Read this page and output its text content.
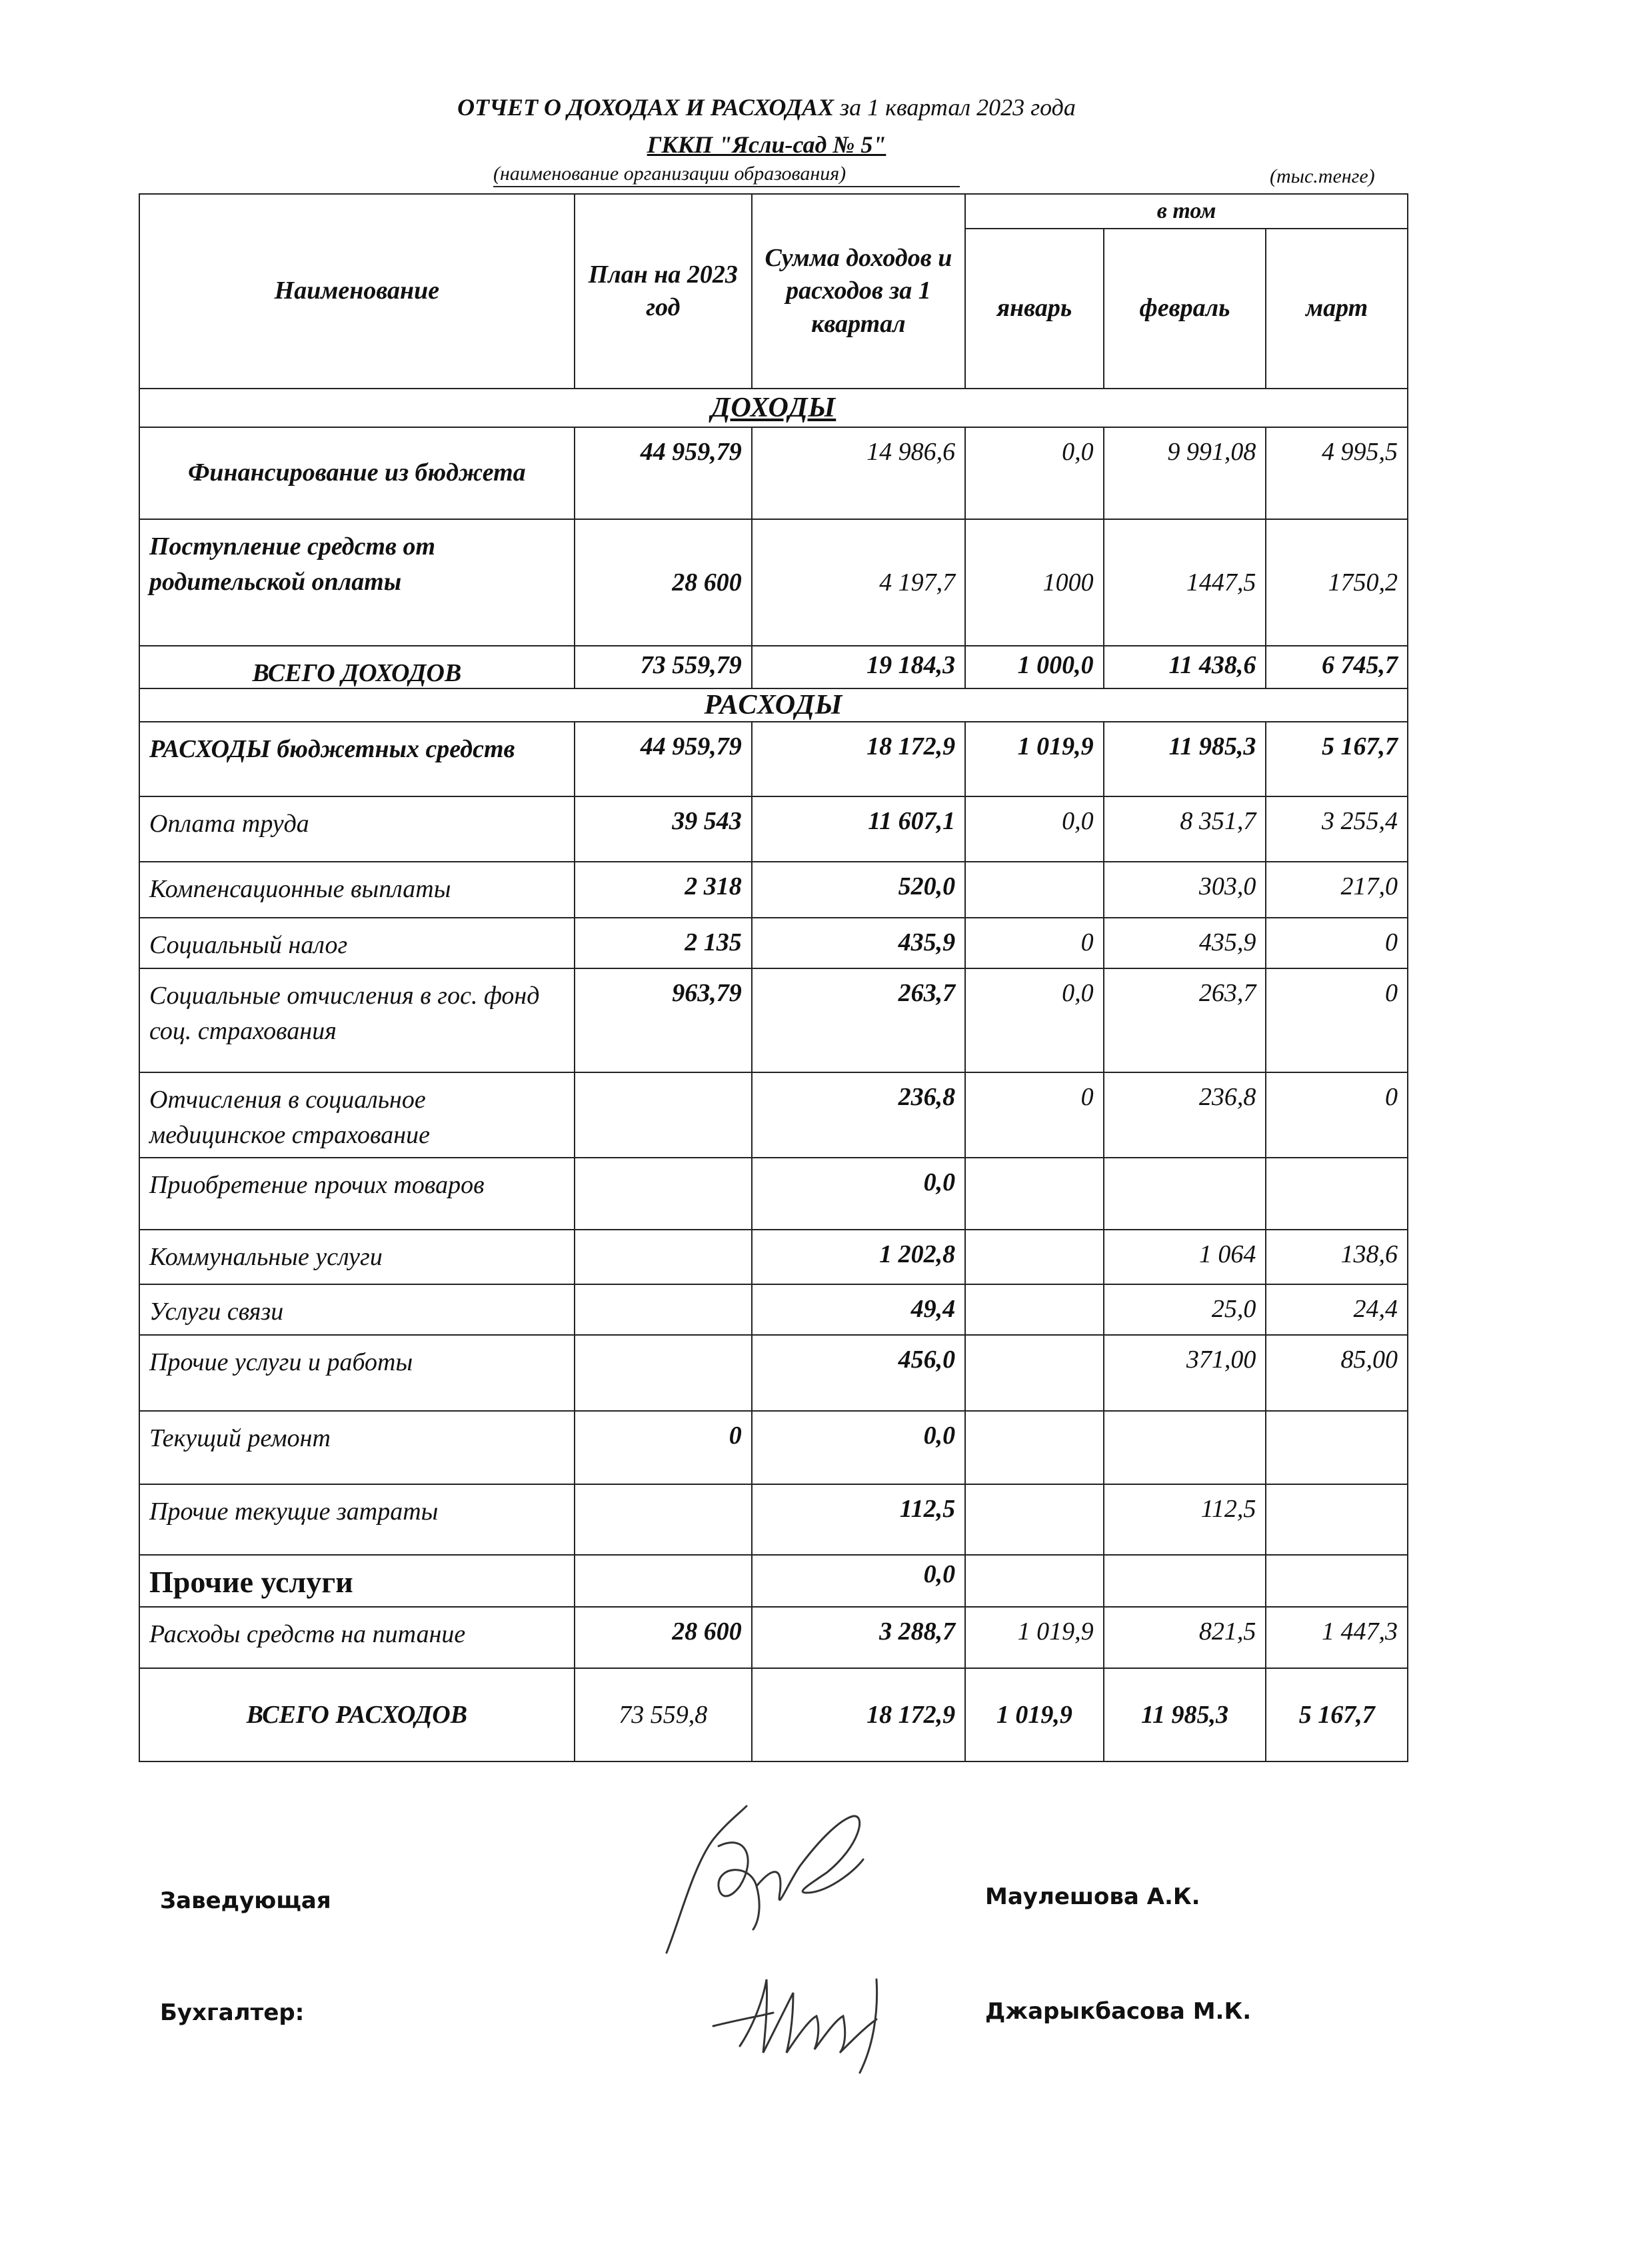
ОТЧЕТ О ДОХОДАХ И РАСХОДАХ за 1 квартал 2023 года
ГККП "Ясли-сад № 5"
(наименование организации образования)	(тыс.тенге)
Наименование	План на 2023 год	Сумма доходов и расходов за 1 квартал	в том		
			январь	февраль	март
ДОХОДЫ					
Финансирование из бюджета	44 959,79	14 986,6	0,0	9 991,08	4 995,5
Поступление средств от родительской оплаты	28 600	4 197,7	1000	1447,5	1750,2
ВСЕГО ДОХОДОВ	73 559,79	19 184,3	1 000,0	11 438,6	6 745,7
РАСХОДЫ					
РАСХОДЫ бюджетных средств	44 959,79	18 172,9	1 019,9	11 985,3	5 167,7
Оплата труда	39 543	11 607,1	0,0	8 351,7	3 255,4
Компенсационные выплаты	2 318	520,0		303,0	217,0
Социальный налог	2 135	435,9	0	435,9	0
Социальные отчисления в гос. фонд соц. страхования	963,79	263,7	0,0	263,7	0
Отчисления в социальное медицинское страхование		236,8	0	236,8	0
Приобретение прочих товаров		0,0			
Коммунальные услуги		1 202,8		1 064	138,6
Услуги связи		49,4		25,0	24,4
Прочие услуги и работы		456,0		371,00	85,00
Текущий ремонт	0	0,0			
Прочие текущие затраты		112,5		112,5	
Прочие услуги		0,0			
Расходы средств на питание	28 600	3 288,7	1 019,9	821,5	1 447,3
ВСЕГО РАСХОДОВ	73 559,8	18 172,9	1 019,9	11 985,3	5 167,7
Заведующая	Маулешова А.К.
Бухгалтер:	Джарыкбасова М.К.
